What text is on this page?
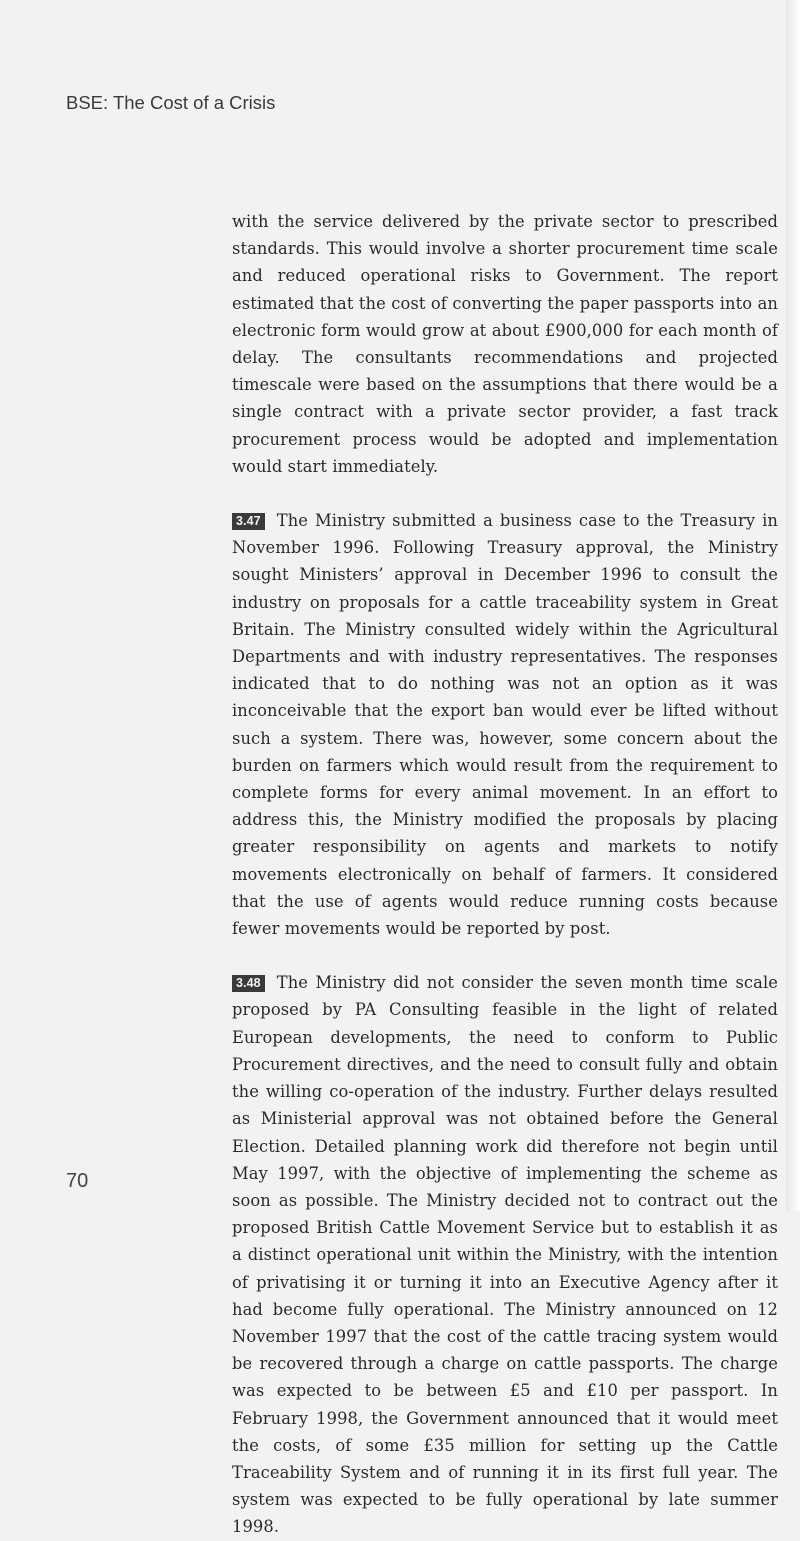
BSE: The Cost of a Crisis

with the service delivered by the private sector to prescribed standards. This would involve a shorter procurement time scale and reduced operational risks to Government. The report estimated that the cost of converting the paper passports into an electronic form would grow at about £900,000 for each month of delay. The consultants recommendations and projected timescale were based on the assumptions that there would be a single contract with a private sector provider, a fast track procurement process would be adopted and implementation would start immediately.

3.47 The Ministry submitted a business case to the Treasury in November 1996. Following Treasury approval, the Ministry sought Ministers’ approval in December 1996 to consult the industry on proposals for a cattle traceability system in Great Britain. The Ministry consulted widely within the Agricultural Departments and with industry representatives. The responses indicated that to do nothing was not an option as it was inconceivable that the export ban would ever be lifted without such a system. There was, however, some concern about the burden on farmers which would result from the requirement to complete forms for every animal movement. In an effort to address this, the Ministry modified the proposals by placing greater responsibility on agents and markets to notify movements electronically on behalf of farmers. It considered that the use of agents would reduce running costs because fewer movements would be reported by post.

3.48 The Ministry did not consider the seven month time scale proposed by PA Consulting feasible in the light of related European developments, the need to conform to Public Procurement directives, and the need to consult fully and obtain the willing co-operation of the industry. Further delays resulted as Ministerial approval was not obtained before the General Election. Detailed planning work did therefore not begin until May 1997, with the objective of implementing the scheme as soon as possible. The Ministry decided not to contract out the proposed British Cattle Movement Service but to establish it as a distinct operational unit within the Ministry, with the intention of privatising it or turning it into an Executive Agency after it had become fully operational. The Ministry announced on 12 November 1997 that the cost of the cattle tracing system would be recovered through a charge on cattle passports. The charge was expected to be between £5 and £10 per passport. In February 1998, the Government announced that it would meet the costs, of some £35 million for setting up the Cattle Traceability System and of running it in its first full year. The system was expected to be fully operational by late summer 1998.

70
